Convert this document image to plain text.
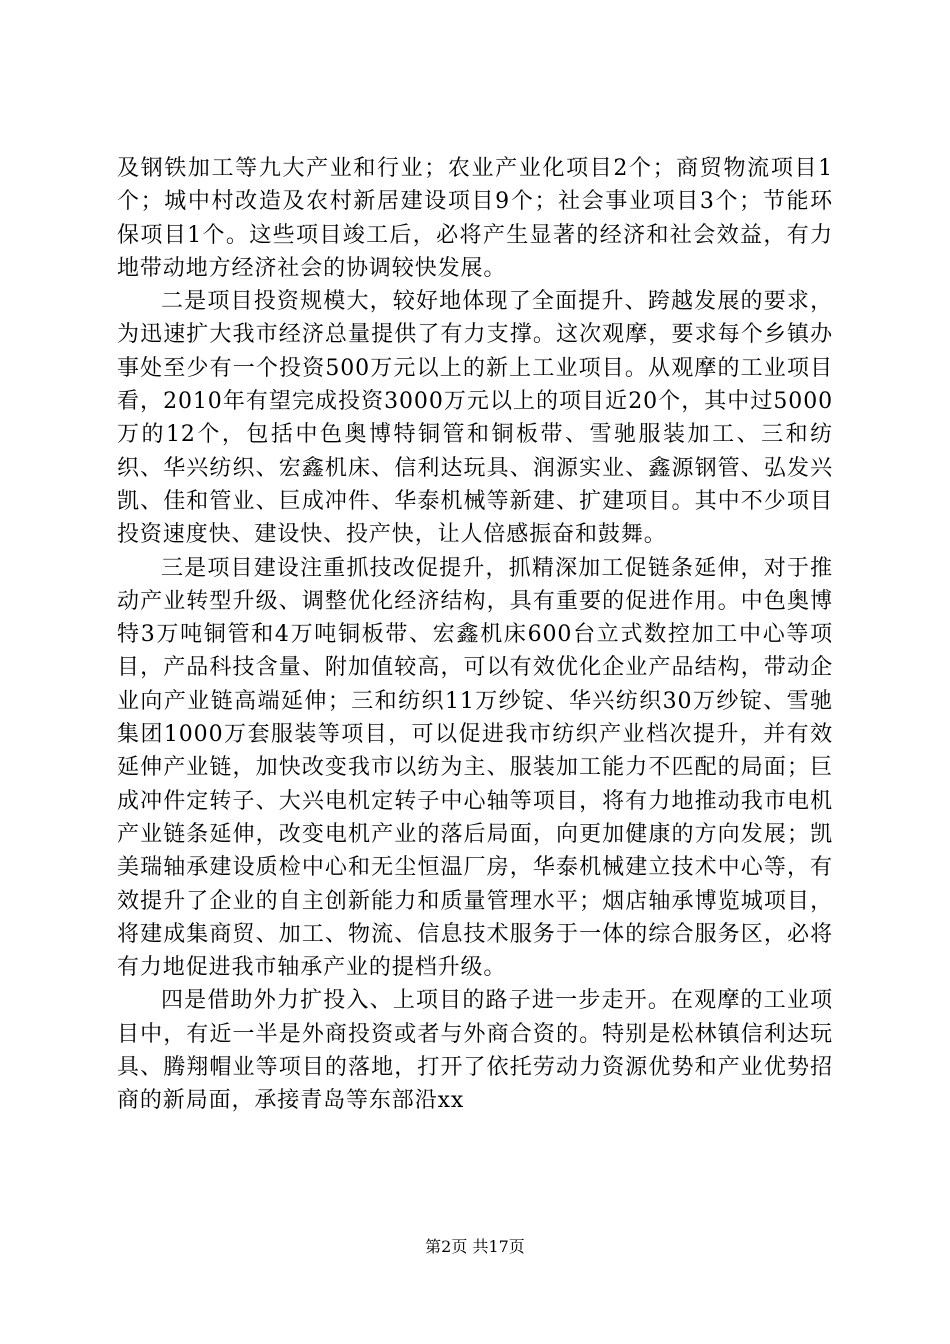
及钢铁加工等九大产业和行业；农业产业化项目2个；商贸物流项目1个；城中村改造及农村新居建设项目9个；社会事业项目3个；节能环保项目1个。这些项目竣工后，必将产生显著的经济和社会效益，有力地带动地方经济社会的协调较快发展。

二是项目投资规模大，较好地体现了全面提升、跨越发展的要求，为迅速扩大我市经济总量提供了有力支撑。这次观摩，要求每个乡镇办事处至少有一个投资500万元以上的新上工业项目。从观摩的工业项目看，2010年有望完成投资3000万元以上的项目近20个，其中过5000万的12个，包括中色奥博特铜管和铜板带、雪驰服装加工、三和纺织、华兴纺织、宏鑫机床、信利达玩具、润源实业、鑫源钢管、弘发兴凯、佳和管业、巨成冲件、华泰机械等新建、扩建项目。其中不少项目投资速度快、建设快、投产快，让人倍感振奋和鼓舞。

三是项目建设注重抓技改促提升，抓精深加工促链条延伸，对于推动产业转型升级、调整优化经济结构，具有重要的促进作用。中色奥博特3万吨铜管和4万吨铜板带、宏鑫机床600台立式数控加工中心等项目，产品科技含量、附加值较高，可以有效优化企业产品结构，带动企业向产业链高端延伸；三和纺织11万纱锭、华兴纺织30万纱锭、雪驰集团1000万套服装等项目，可以促进我市纺织产业档次提升，并有效延伸产业链，加快改变我市以纺为主、服装加工能力不匹配的局面；巨成冲件定转子、大兴电机定转子中心轴等项目，将有力地推动我市电机产业链条延伸，改变电机产业的落后局面，向更加健康的方向发展；凯美瑞轴承建设质检中心和无尘恒温厂房，华泰机械建立技术中心等，有效提升了企业的自主创新能力和质量管理水平；烟店轴承博览城项目，将建成集商贸、加工、物流、信息技术服务于一体的综合服务区，必将有力地促进我市轴承产业的提档升级。

四是借助外力扩投入、上项目的路子进一步走开。在观摩的工业项目中，有近一半是外商投资或者与外商合资的。特别是松林镇信利达玩具、腾翔帽业等项目的落地，打开了依托劳动力资源优势和产业优势招商的新局面，承接青岛等东部沿xx

第2页 共17页
